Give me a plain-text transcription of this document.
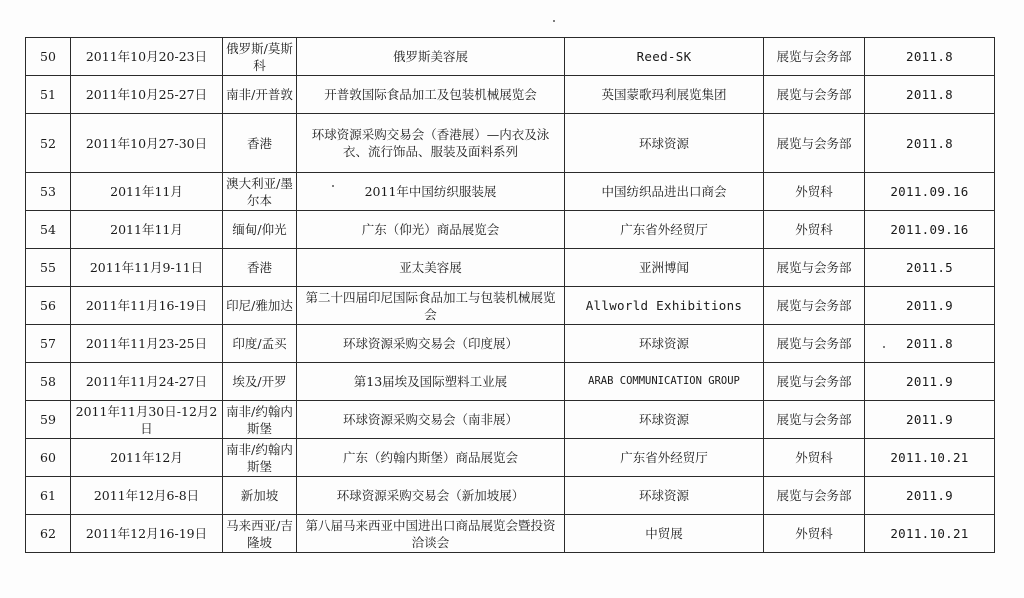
50	2011年10月20-23日	俄罗斯/莫斯科	俄罗斯美容展	Reed-SK	展览与会务部	2011.8
51	2011年10月25-27日	南非/开普敦	开普敦国际食品加工及包装机械展览会	英国蒙歌玛利展览集团	展览与会务部	2011.8
52	2011年10月27-30日	香港	环球资源采购交易会（香港展）—内衣及泳衣、流行饰品、服装及面料系列	环球资源	展览与会务部	2011.8
53	2011年11月	澳大利亚/墨尔本	2011年中国纺织服装展	中国纺织品进出口商会	外贸科	2011.09.16
54	2011年11月	缅甸/仰光	广东（仰光）商品展览会	广东省外经贸厅	外贸科	2011.09.16
55	2011年11月9-11日	香港	亚太美容展	亚洲博闻	展览与会务部	2011.5
56	2011年11月16-19日	印尼/雅加达	第二十四届印尼国际食品加工与包装机械展览会	Allworld Exhibitions	展览与会务部	2011.9
57	2011年11月23-25日	印度/孟买	环球资源采购交易会（印度展）	环球资源	展览与会务部	2011.8
58	2011年11月24-27日	埃及/开罗	第13届埃及国际塑料工业展	ARAB COMMUNICATION GROUP	展览与会务部	2011.9
59	2011年11月30日-12月2日	南非/约翰内斯堡	环球资源采购交易会（南非展）	环球资源	展览与会务部	2011.9
60	2011年12月	南非/约翰内斯堡	广东（约翰内斯堡）商品展览会	广东省外经贸厅	外贸科	2011.10.21
61	2011年12月6-8日	新加坡	环球资源采购交易会（新加坡展）	环球资源	展览与会务部	2011.9
62	2011年12月16-19日	马来西亚/吉隆坡	第八届马来西亚中国进出口商品展览会暨投资洽谈会	中贸展	外贸科	2011.10.21
